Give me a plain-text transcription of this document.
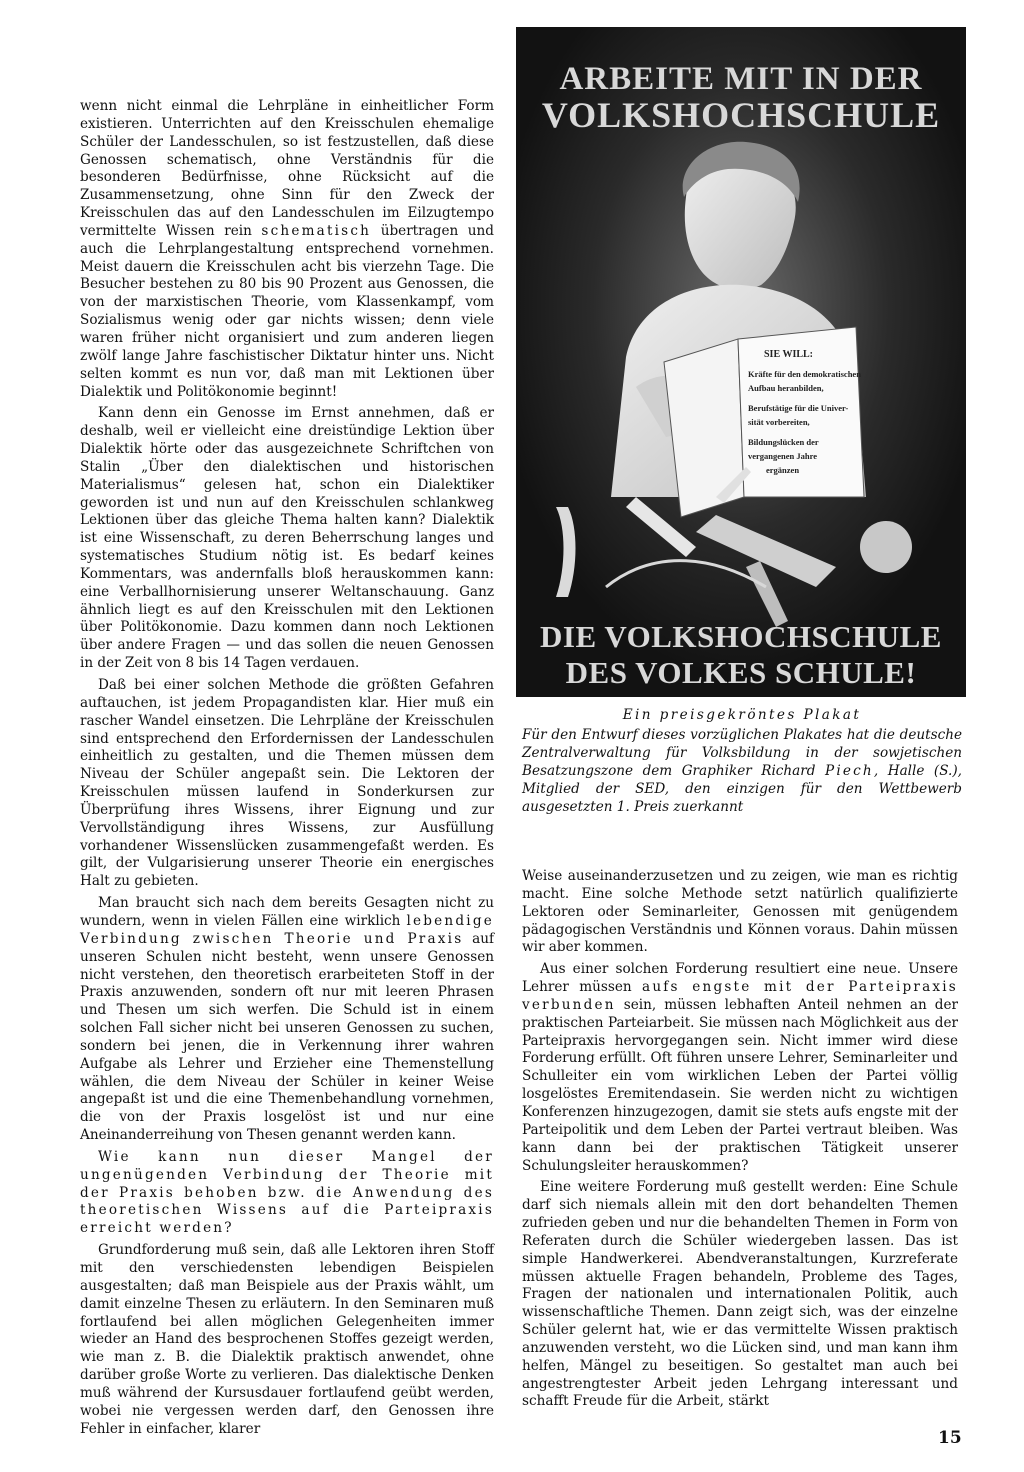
wenn nicht einmal die Lehrpläne in einheitlicher Form existieren. Unterrichten auf den Kreisschulen ehemalige Schüler der Landesschulen, so ist festzustellen, daß diese Genossen schematisch, ohne Verständnis für die besonderen Bedürfnisse, ohne Rücksicht auf die Zusammensetzung, ohne Sinn für den Zweck der Kreisschulen das auf den Landesschulen im Eilzugtempo vermittelte Wissen rein schematisch übertragen und auch die Lehrplangestaltung entsprechend vornehmen. Meist dauern die Kreisschulen acht bis vierzehn Tage. Die Besucher bestehen zu 80 bis 90 Prozent aus Genossen, die von der marxistischen Theorie, vom Klassenkampf, vom Sozialismus wenig oder gar nichts wissen; denn viele waren früher nicht organisiert und zum anderen liegen zwölf lange Jahre faschistischer Diktatur hinter uns. Nicht selten kommt es nun vor, daß man mit Lektionen über Dialektik und Politökonomie beginnt!

Kann denn ein Genosse im Ernst annehmen, daß er deshalb, weil er vielleicht eine dreistündige Lektion über Dialektik hörte oder das ausgezeichnete Schriftchen von Stalin „Über den dialektischen und historischen Materialismus“ gelesen hat, schon ein Dialektiker geworden ist und nun auf den Kreisschulen schlankweg Lektionen über das gleiche Thema halten kann? Dialektik ist eine Wissenschaft, zu deren Beherrschung langes und systematisches Studium nötig ist. Es bedarf keines Kommentars, was andernfalls bloß herauskommen kann: eine Verballhornisierung unserer Weltanschauung. Ganz ähnlich liegt es auf den Kreisschulen mit den Lektionen über Politökonomie. Dazu kommen dann noch Lektionen über andere Fragen — und das sollen die neuen Genossen in der Zeit von 8 bis 14 Tagen verdauen.

Daß bei einer solchen Methode die größten Gefahren auftauchen, ist jedem Propagandisten klar. Hier muß ein rascher Wandel einsetzen. Die Lehrpläne der Kreisschulen sind entsprechend den Erfordernissen der Landesschulen einheitlich zu gestalten, und die Themen müssen dem Niveau der Schüler angepaßt sein. Die Lektoren der Kreisschulen müssen laufend in Sonderkursen zur Überprüfung ihres Wissens, ihrer Eignung und zur Vervollständigung ihres Wissens, zur Ausfüllung vorhandener Wissenslücken zusammengefaßt werden. Es gilt, der Vulgarisierung unserer Theorie ein energisches Halt zu gebieten.

Man braucht sich nach dem bereits Gesagten nicht zu wundern, wenn in vielen Fällen eine wirklich lebendige Verbindung zwischen Theorie und Praxis auf unseren Schulen nicht besteht, wenn unsere Genossen nicht verstehen, den theoretisch erarbeiteten Stoff in der Praxis anzuwenden, sondern oft nur mit leeren Phrasen und Thesen um sich werfen. Die Schuld ist in einem solchen Fall sicher nicht bei unseren Genossen zu suchen, sondern bei jenen, die in Verkennung ihrer wahren Aufgabe als Lehrer und Erzieher eine Themenstellung wählen, die dem Niveau der Schüler in keiner Weise angepaßt ist und die eine Themenbehandlung vornehmen, die von der Praxis losgelöst ist und nur eine Aneinanderreihung von Thesen genannt werden kann.

Wie kann nun dieser Mangel der ungenügenden Verbindung der Theorie mit der Praxis behoben bzw. die Anwendung des theoretischen Wissens auf die Parteipraxis erreicht werden?

Grundforderung muß sein, daß alle Lektoren ihren Stoff mit den verschiedensten lebendigen Beispielen ausgestalten; daß man Beispiele aus der Praxis wählt, um damit einzelne Thesen zu erläutern. In den Seminaren muß fortlaufend bei allen möglichen Gelegenheiten immer wieder an Hand des besprochenen Stoffes gezeigt werden, wie man z. B. die Dialektik praktisch anwendet, ohne darüber große Worte zu verlieren. Das dialektische Denken muß während der Kursusdauer fortlaufend geübt werden, wobei nie vergessen werden darf, den Genossen ihre Fehler in einfacher, klarer

ARBEITE MIT IN DER
VOLKSHOCHSCHULE
SIE WILL:
Kräfte für den demokratischen
Aufbau heranbilden,
Berufstätige für die Univer-
sität vorbereiten,
Bildungslücken der
vergangenen Jahre
ergänzen
DIE VOLKSHOCHSCHULE
DES VOLKES SCHULE!
Ein preisgekröntes Plakat
Für den Entwurf dieses vorzüglichen Plakates hat die deutsche Zentralverwaltung für Volksbildung in der sowjetischen Besatzungszone dem Graphiker Richard Piech, Halle (S.), Mitglied der SED, den einzigen für den Wettbewerb ausgesetzten 1. Preis zuerkannt

Weise auseinanderzusetzen und zu zeigen, wie man es richtig macht. Eine solche Methode setzt natürlich qualifizierte Lektoren oder Seminarleiter, Genossen mit genügendem pädagogischen Verständnis und Können voraus. Dahin müssen wir aber kommen.

Aus einer solchen Forderung resultiert eine neue. Unsere Lehrer müssen aufs engste mit der Parteipraxis verbunden sein, müssen lebhaften Anteil nehmen an der praktischen Parteiarbeit. Sie müssen nach Möglichkeit aus der Parteipraxis hervorgegangen sein. Nicht immer wird diese Forderung erfüllt. Oft führen unsere Lehrer, Seminarleiter und Schulleiter ein vom wirklichen Leben der Partei völlig losgelöstes Eremitendasein. Sie werden nicht zu wichtigen Konferenzen hinzugezogen, damit sie stets aufs engste mit der Parteipolitik und dem Leben der Partei vertraut bleiben. Was kann dann bei der praktischen Tätigkeit unserer Schulungsleiter herauskommen?

Eine weitere Forderung muß gestellt werden: Eine Schule darf sich niemals allein mit den dort behandelten Themen zufrieden geben und nur die behandelten Themen in Form von Referaten durch die Schüler wiedergeben lassen. Das ist simple Handwerkerei. Abendveranstaltungen, Kurzreferate müssen aktuelle Fragen behandeln, Probleme des Tages, Fragen der nationalen und internationalen Politik, auch wissenschaftliche Themen. Dann zeigt sich, was der einzelne Schüler gelernt hat, wie er das vermittelte Wissen praktisch anzuwenden versteht, wo die Lücken sind, und man kann ihm helfen, Mängel zu beseitigen. So gestaltet man auch bei angestrengtester Arbeit jeden Lehrgang interessant und schafft Freude für die Arbeit, stärkt

15
